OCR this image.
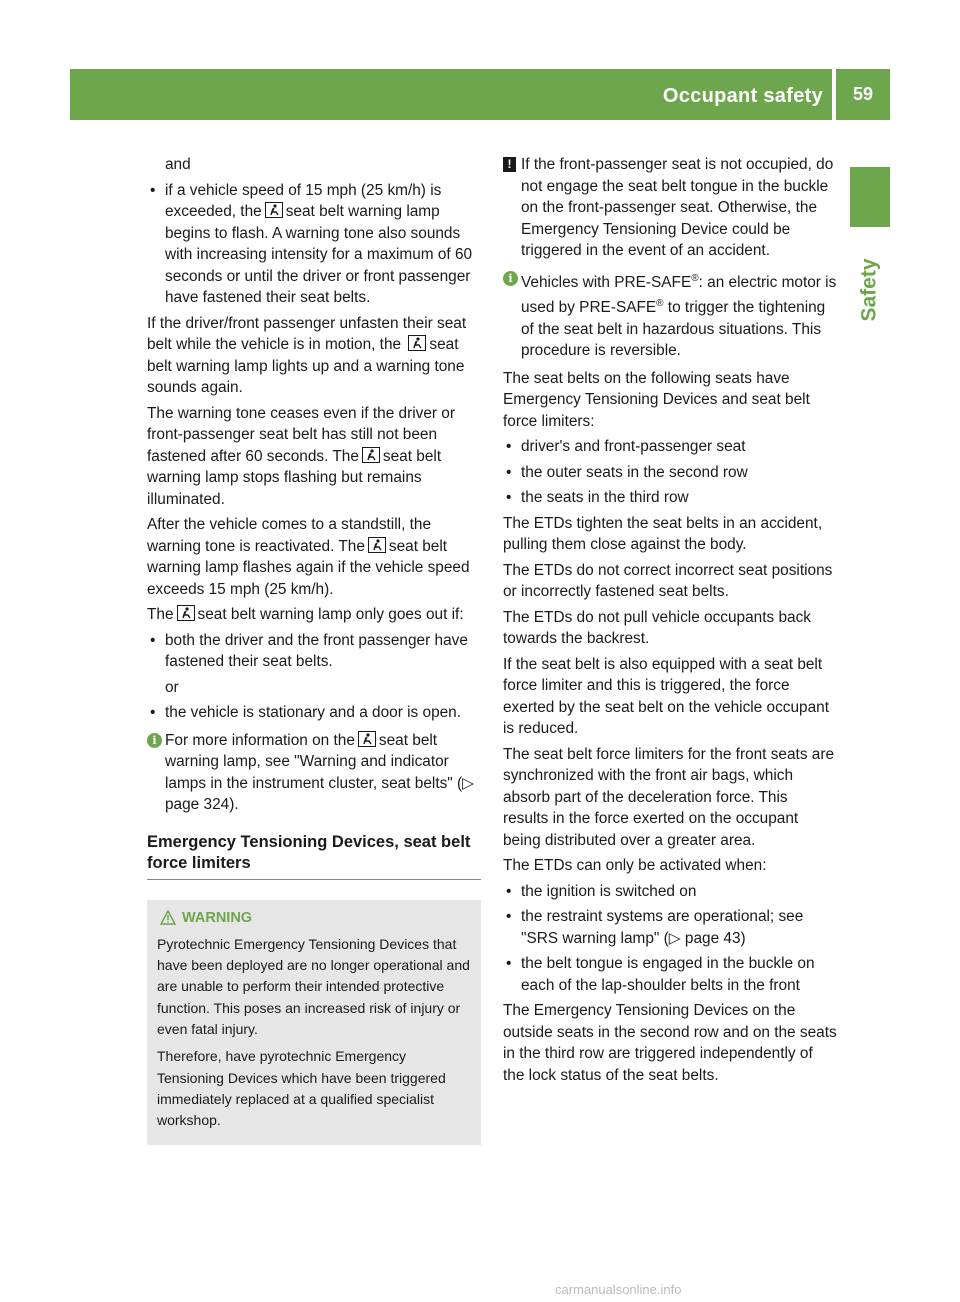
Occupant safety	59
Safety

and

• if a vehicle speed of 15 mph (25 km/h) is exceeded, the seat belt warning lamp begins to flash. A warning tone also sounds with increasing intensity for a maximum of 60 seconds or until the driver or front passenger have fastened their seat belts.

If the driver/front passenger unfasten their seat belt while the vehicle is in motion, the seat belt warning lamp lights up and a warning tone sounds again.

The warning tone ceases even if the driver or front-passenger seat belt has still not been fastened after 60 seconds. The seat belt warning lamp stops flashing but remains illuminated.

After the vehicle comes to a standstill, the warning tone is reactivated. The seat belt warning lamp flashes again if the vehicle speed exceeds 15 mph (25 km/h).

The seat belt warning lamp only goes out if:

• both the driver and the front passenger have fastened their seat belts.

or

• the vehicle is stationary and a door is open.
i For more information on the seat belt warning lamp, see "Warning and indicator lamps in the instrument cluster, seat belts" (▷ page 324).
Emergency Tensioning Devices, seat belt force limiters
WARNING

Pyrotechnic Emergency Tensioning Devices that have been deployed are no longer operational and are unable to perform their intended protective function. This poses an increased risk of injury or even fatal injury.

Therefore, have pyrotechnic Emergency Tensioning Devices which have been triggered immediately replaced at a qualified specialist workshop.

! If the front-passenger seat is not occupied, do not engage the seat belt tongue in the buckle on the front-passenger seat. Otherwise, the Emergency Tensioning Device could be triggered in the event of an accident.
i Vehicles with PRE-SAFE®: an electric motor is used by PRE-SAFE® to trigger the tightening of the seat belt in hazardous situations. This procedure is reversible.

The seat belts on the following seats have Emergency Tensioning Devices and seat belt force limiters:

• driver's and front-passenger seat
• the outer seats in the second row
• the seats in the third row

The ETDs tighten the seat belts in an accident, pulling them close against the body.

The ETDs do not correct incorrect seat positions or incorrectly fastened seat belts.

The ETDs do not pull vehicle occupants back towards the backrest.

If the seat belt is also equipped with a seat belt force limiter and this is triggered, the force exerted by the seat belt on the vehicle occupant is reduced.

The seat belt force limiters for the front seats are synchronized with the front air bags, which absorb part of the deceleration force. This results in the force exerted on the occupant being distributed over a greater area.

The ETDs can only be activated when:

• the ignition is switched on
• the restraint systems are operational; see "SRS warning lamp" (▷ page 43)
• the belt tongue is engaged in the buckle on each of the lap-shoulder belts in the front

The Emergency Tensioning Devices on the outside seats in the second row and on the seats in the third row are triggered independently of the lock status of the seat belts.

carmanualsonline.info
